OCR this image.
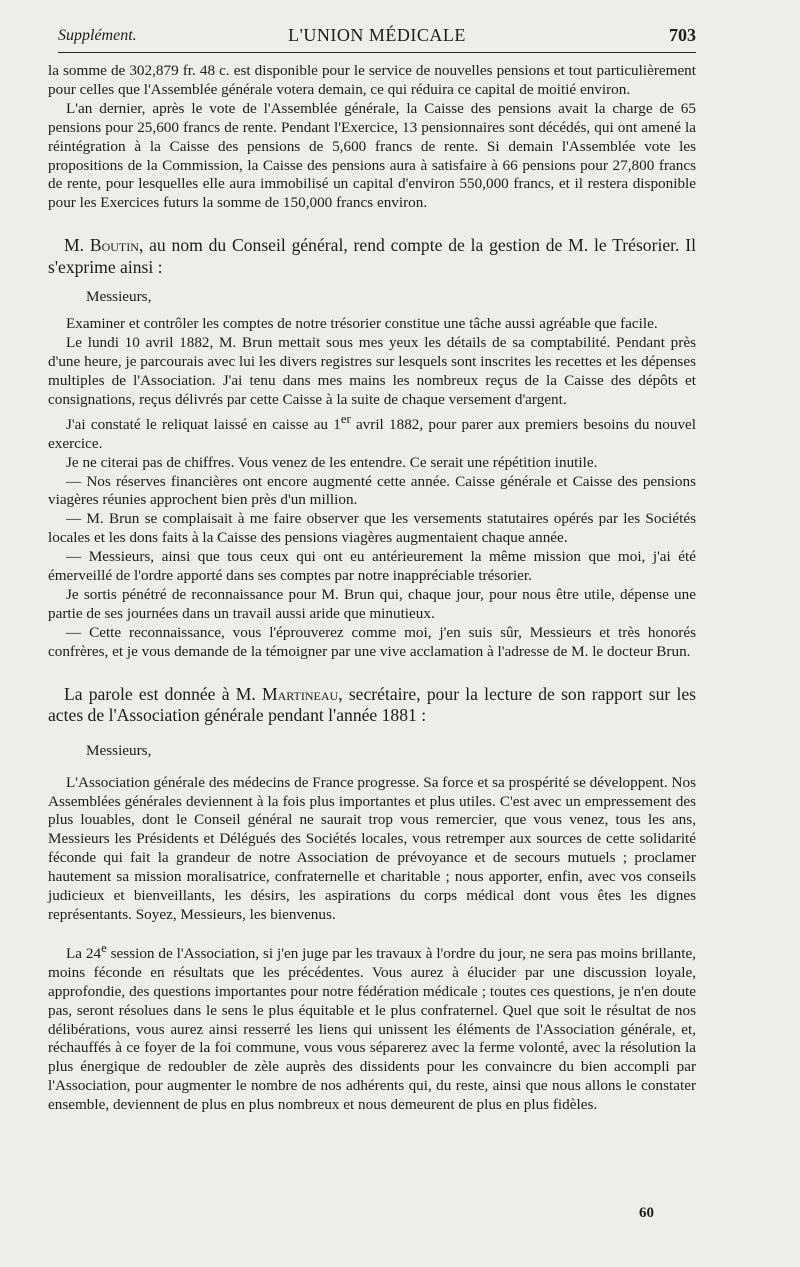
Supplément.	L'UNION MÉDICALE	703

la somme de 302,879 fr. 48 c. est disponible pour le service de nouvelles pensions et tout particulièrement pour celles que l'Assemblée générale votera demain, ce qui réduira ce capital de moitié environ.

L'an dernier, après le vote de l'Assemblée générale, la Caisse des pensions avait la charge de 65 pensions pour 25,600 francs de rente. Pendant l'Exercice, 13 pensionnaires sont décédés, qui ont amené la réintégration à la Caisse des pensions de 5,600 francs de rente. Si demain l'Assemblée vote les propositions de la Commission, la Caisse des pensions aura à satisfaire à 66 pensions pour 27,800 francs de rente, pour lesquelles elle aura immobilisé un capital d'environ 550,000 francs, et il restera disponible pour les Exercices futurs la somme de 150,000 francs environ.

M. Boutin, au nom du Conseil général, rend compte de la gestion de M. le Trésorier. Il s'exprime ainsi :

Messieurs,

Examiner et contrôler les comptes de notre trésorier constitue une tâche aussi agréable que facile.

Le lundi 10 avril 1882, M. Brun mettait sous mes yeux les détails de sa comptabilité. Pendant près d'une heure, je parcourais avec lui les divers registres sur lesquels sont inscrites les recettes et les dépenses multiples de l'Association. J'ai tenu dans mes mains les nombreux reçus de la Caisse des dépôts et consignations, reçus délivrés par cette Caisse à la suite de chaque versement d'argent.

J'ai constaté le reliquat laissé en caisse au 1er avril 1882, pour parer aux premiers besoins du nouvel exercice.

Je ne citerai pas de chiffres. Vous venez de les entendre. Ce serait une répétition inutile.

— Nos réserves financières ont encore augmenté cette année. Caisse générale et Caisse des pensions viagères réunies approchent bien près d'un million.

— M. Brun se complaisait à me faire observer que les versements statutaires opérés par les Sociétés locales et les dons faits à la Caisse des pensions viagères augmentaient chaque année.

— Messieurs, ainsi que tous ceux qui ont eu antérieurement la même mission que moi, j'ai été émerveillé de l'ordre apporté dans ses comptes par notre inappréciable trésorier.

Je sortis pénétré de reconnaissance pour M. Brun qui, chaque jour, pour nous être utile, dépense une partie de ses journées dans un travail aussi aride que minutieux.

— Cette reconnaissance, vous l'éprouverez comme moi, j'en suis sûr, Messieurs et très honorés confrères, et je vous demande de la témoigner par une vive acclamation à l'adresse de M. le docteur Brun.

La parole est donnée à M. Martineau, secrétaire, pour la lecture de son rapport sur les actes de l'Association générale pendant l'année 1881 :

Messieurs,

L'Association générale des médecins de France progresse. Sa force et sa prospérité se développent. Nos Assemblées générales deviennent à la fois plus importantes et plus utiles. C'est avec un empressement des plus louables, dont le Conseil général ne saurait trop vous remercier, que vous venez, tous les ans, Messieurs les Présidents et Délégués des Sociétés locales, vous retremper aux sources de cette solidarité féconde qui fait la grandeur de notre Association de prévoyance et de secours mutuels ; proclamer hautement sa mission moralisatrice, confraternelle et charitable ; nous apporter, enfin, avec vos conseils judicieux et bienveillants, les désirs, les aspirations du corps médical dont vous êtes les dignes représentants. Soyez, Messieurs, les bienvenus.

La 24e session de l'Association, si j'en juge par les travaux à l'ordre du jour, ne sera pas moins brillante, moins féconde en résultats que les précédentes. Vous aurez à élucider par une discussion loyale, approfondie, des questions importantes pour notre fédération médicale ; toutes ces questions, je n'en doute pas, seront résolues dans le sens le plus équitable et le plus confraternel. Quel que soit le résultat de nos délibérations, vous aurez ainsi resserré les liens qui unissent les éléments de l'Association générale, et, réchauffés à ce foyer de la foi commune, vous vous séparerez avec la ferme volonté, avec la résolution la plus énergique de redoubler de zèle auprès des dissidents pour les convaincre du bien accompli par l'Association, pour augmenter le nombre de nos adhérents qui, du reste, ainsi que nous allons le constater ensemble, deviennent de plus en plus nombreux et nous demeurent de plus en plus fidèles.

60
